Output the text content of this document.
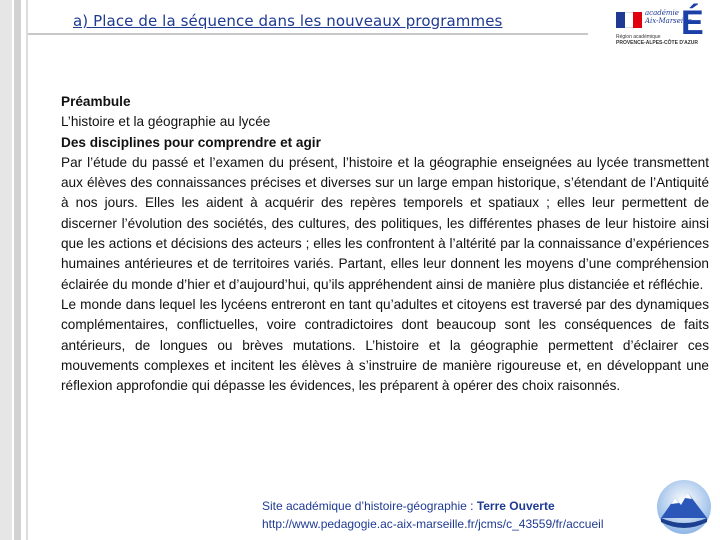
a) Place de la séquence dans les nouveaux programmes	académie
Aix-Marseille
É
Région académique
PROVENCE-ALPES-CÔTE D'AZUR
Préambule
L’histoire et la géographie au lycée
Des disciplines pour comprendre et agir

Par l’étude du passé et l’examen du présent, l’histoire et la géographie enseignées au lycée transmettent aux élèves des connaissances précises et diverses sur un large empan historique, s’étendant de l’Antiquité à nos jours. Elles les aident à acquérir des repères temporels et spatiaux ; elles leur permettent de discerner l’évolution des sociétés, des cultures, des politiques, les différentes phases de leur histoire ainsi que les actions et décisions des acteurs ; elles les confrontent à l’altérité par la connaissance d’expériences humaines antérieures et de territoires variés. Partant, elles leur donnent les moyens d’une compréhension éclairée du monde d’hier et d’aujourd’hui, qu’ils appréhendent ainsi de manière plus distanciée et réfléchie.

Le monde dans lequel les lycéens entreront en tant qu’adultes et citoyens est traversé par des dynamiques complémentaires, conflictuelles, voire contradictoires dont beaucoup sont les conséquences de faits antérieurs, de longues ou brèves mutations. L’histoire et la géographie permettent d’éclairer ces mouvements complexes et incitent les élèves à s’instruire de manière rigoureuse et, en développant une réflexion approfondie qui dépasse les évidences, les préparent à opérer des choix raisonnés.

Site académique d’histoire-géographie : Terre Ouverte
http://www.pedagogie.ac-aix-marseille.fr/jcms/c_43559/fr/accueil
